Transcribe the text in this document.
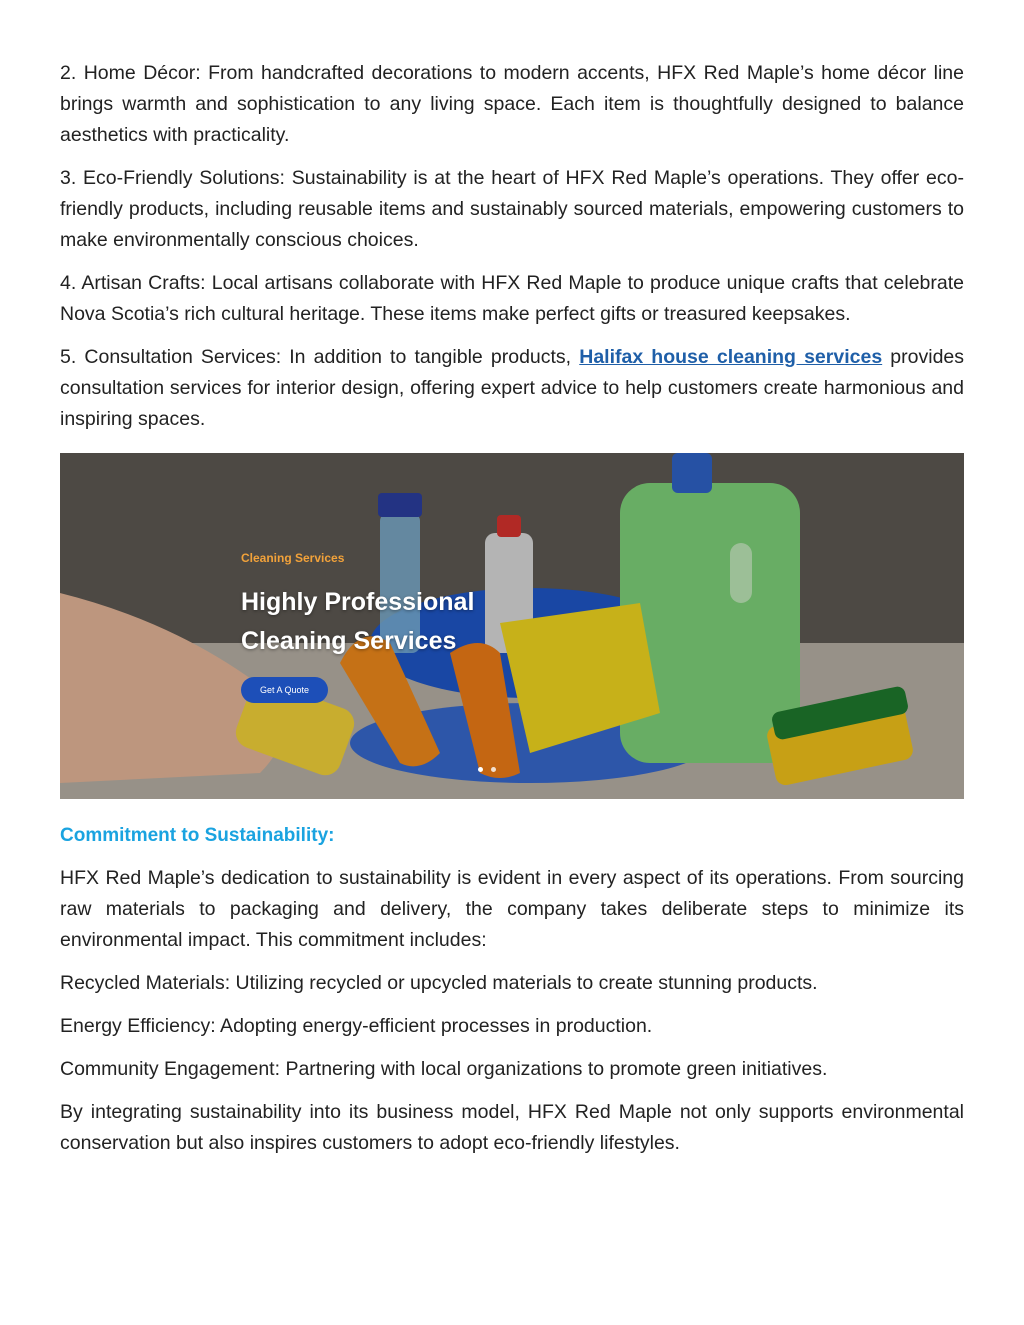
2. Home Décor: From handcrafted decorations to modern accents, HFX Red Maple’s home décor line brings warmth and sophistication to any living space. Each item is thoughtfully designed to balance aesthetics with practicality.

3. Eco-Friendly Solutions: Sustainability is at the heart of HFX Red Maple’s operations. They offer eco-friendly products, including reusable items and sustainably sourced materials, empowering customers to make environmentally conscious choices.

4. Artisan Crafts: Local artisans collaborate with HFX Red Maple to produce unique crafts that celebrate Nova Scotia’s rich cultural heritage. These items make perfect gifts or treasured keepsakes.

5. Consultation Services: In addition to tangible products, Halifax house cleaning services provides consultation services for interior design, offering expert advice to help customers create harmonious and inspiring spaces.

Cleaning Services
Highly Professional
Cleaning Services
Get A Quote
Commitment to Sustainability:

HFX Red Maple’s dedication to sustainability is evident in every aspect of its operations. From sourcing raw materials to packaging and delivery, the company takes deliberate steps to minimize its environmental impact. This commitment includes:

Recycled Materials: Utilizing recycled or upcycled materials to create stunning products.

Energy Efficiency: Adopting energy-efficient processes in production.

Community Engagement: Partnering with local organizations to promote green initiatives.

By integrating sustainability into its business model, HFX Red Maple not only supports environmental conservation but also inspires customers to adopt eco-friendly lifestyles.
